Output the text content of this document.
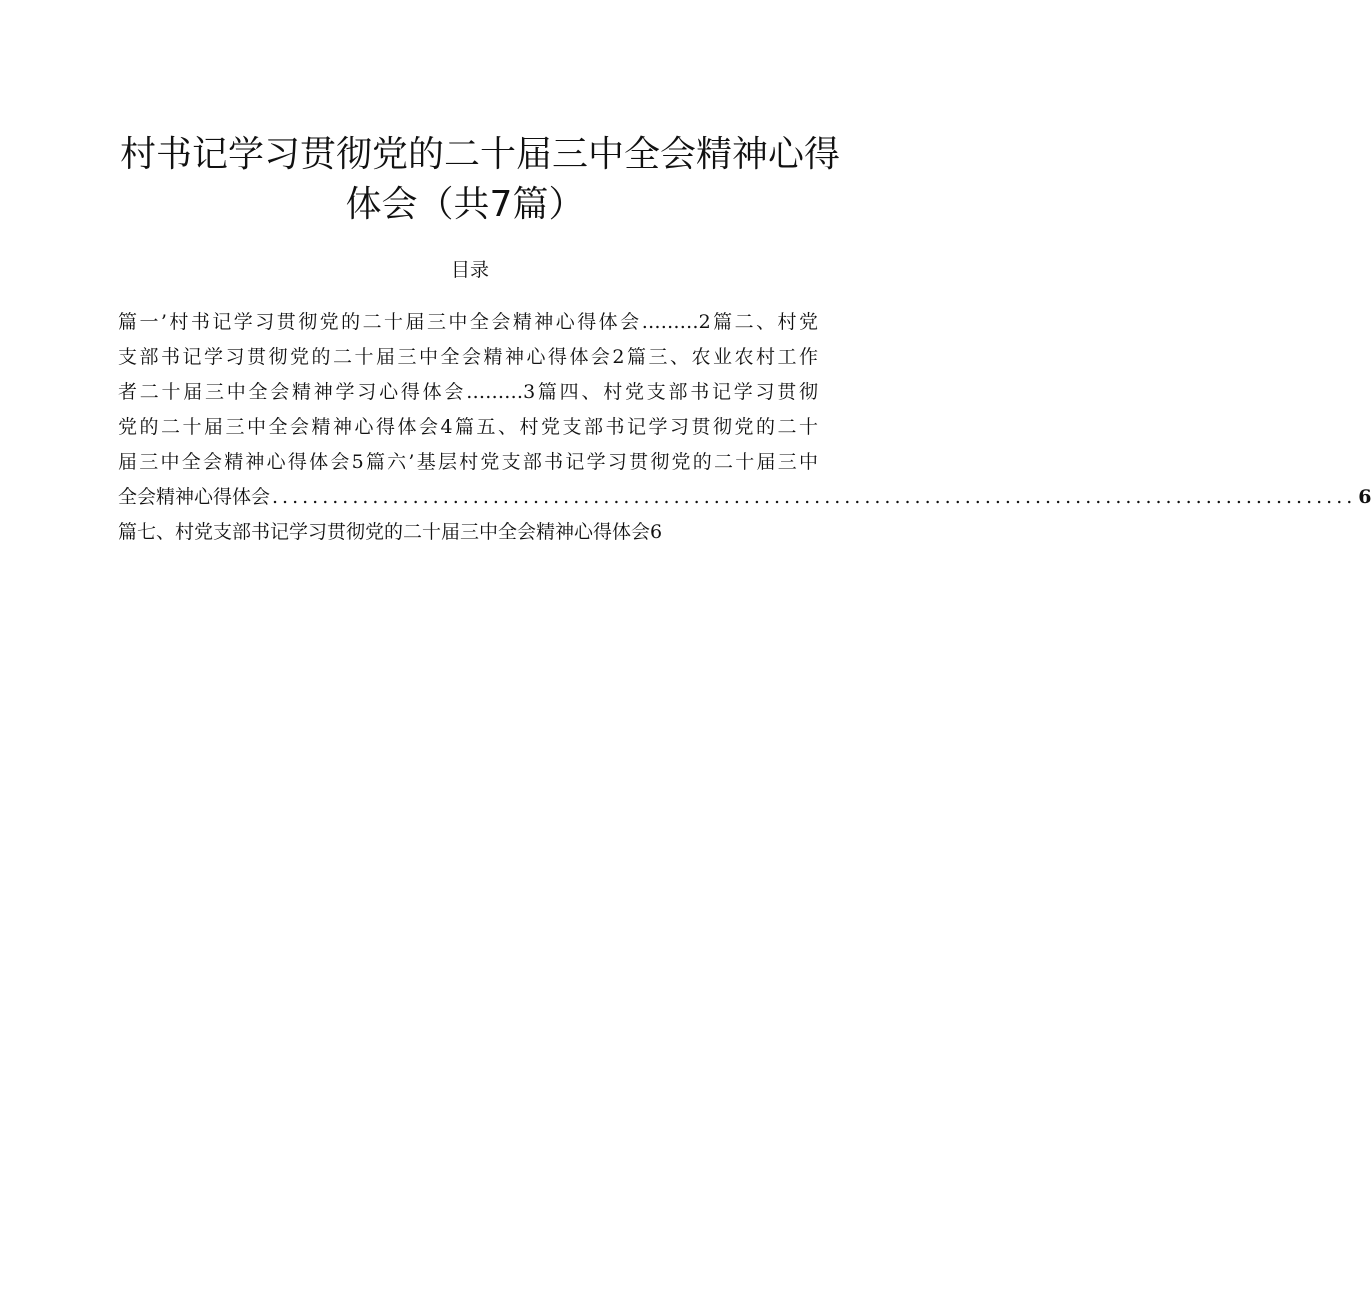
村书记学习贯彻党的二十届三中全会精神心得
体会（共7篇）
目录
篇一’村书记学习贯彻党的二十届三中全会精神心得体会………2篇二、村党
支部书记学习贯彻党的二十届三中全会精神心得体会2篇三、农业农村工作
者二十届三中全会精神学习心得体会………3篇四、村党支部书记学习贯彻
党的二十届三中全会精神心得体会4篇五、村党支部书记学习贯彻党的二十
届三中全会精神心得体会5篇六’基层村党支部书记学习贯彻党的二十届三中
全会精神心得体会 ............................................................................................................ 6
篇七、村党支部书记学习贯彻党的二十届三中全会精神心得体会6
